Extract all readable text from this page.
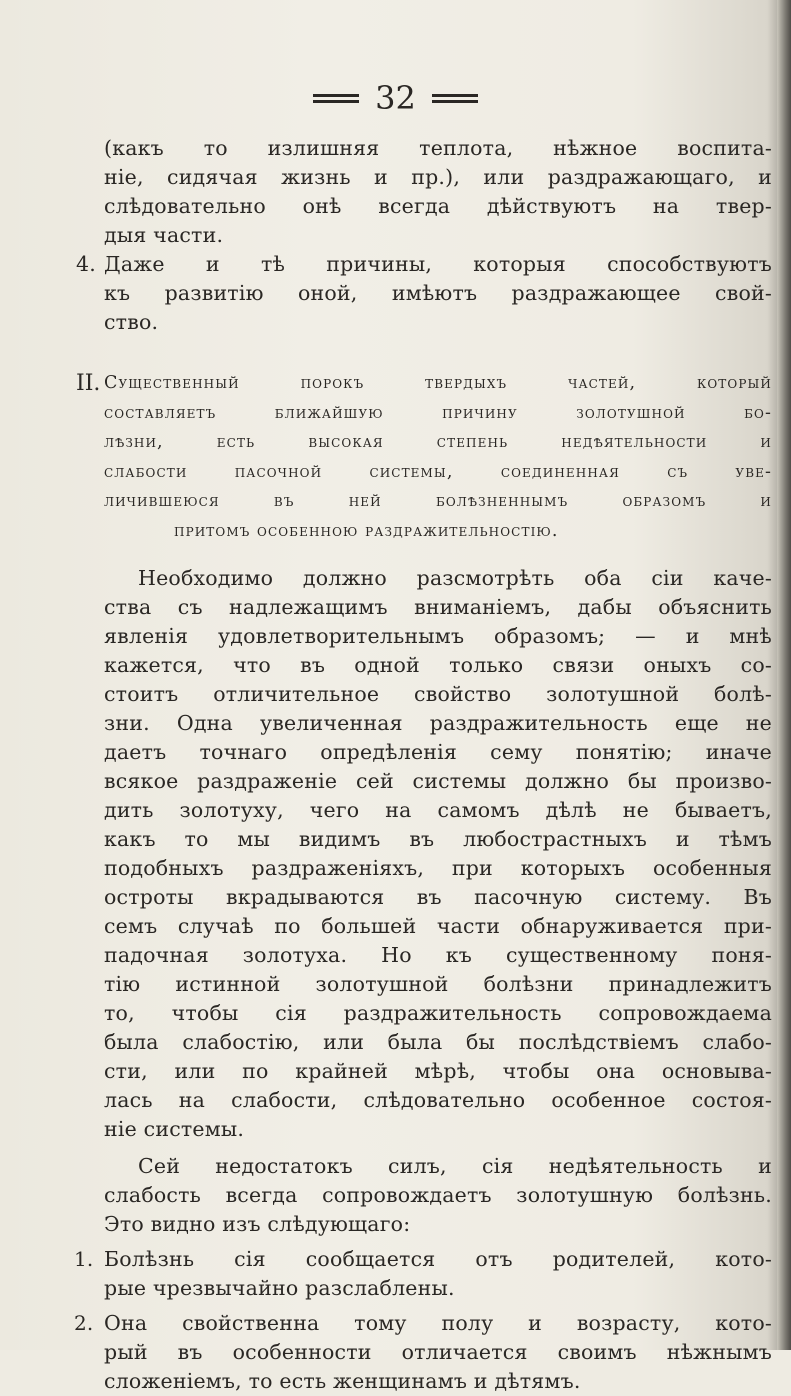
32
(какъ то излишняя теплота, нѣжное воспита-
ніе, сидячая жизнь и пр.), или раздражающаго, и
слѣдовательно онѣ всегда дѣйствуютъ на твер-
дыя части.
4. Даже и тѣ причины, которыя способствуютъ
къ развитію оной, имѣютъ раздражающее свой-
ство.
II. Существенный порокъ твердыхъ частей, который
составляетъ ближайшую причину золотушной бо-
лѣзни, есть высокая степень недѣятельности и
слабости пасочной системы, соединенная съ уве-
личившеюся въ ней болѣзненнымъ образомъ и
притомъ особенною раздражительностію.
Необходимо должно разсмотрѣть оба сіи каче-
ства съ надлежащимъ вниманіемъ, дабы объяснить
явленія удовлетворительнымъ образомъ; — и мнѣ
кажется, что въ одной только связи оныхъ со-
стоитъ отличительное свойство золотушной болѣ-
зни. Одна увеличенная раздражительность еще не
даетъ точнаго опредѣленія сему понятію; иначе
всякое раздраженіе сей системы должно бы произво-
дить золотуху, чего на самомъ дѣлѣ не бываетъ,
какъ то мы видимъ въ любострастныхъ и тѣмъ
подобныхъ раздраженіяхъ, при которыхъ особенныя
остроты вкрадываются въ пасочную систему. Въ
семъ случаѣ по большей части обнаруживается при-
падочная золотуха. Но къ существенному поня-
тію истинной золотушной болѣзни принадлежитъ
то, чтобы сія раздражительность сопровождаема
была слабостію, или была бы послѣдствіемъ слабо-
сти, или по крайней мѣрѣ, чтобы она основыва-
лась на слабости, слѣдовательно особенное состоя-
ніе системы.
Сей недостатокъ силъ, сія недѣятельность и
слабость всегда сопровождаетъ золотушную болѣзнь.
Это видно изъ слѣдующаго:
1. Болѣзнь сія сообщается отъ родителей, кото-
рые чрезвычайно разслаблены.
2. Она свойственна тому полу и возрасту, кото-
рый въ особенности отличается своимъ нѣжнымъ
сложеніемъ, то есть женщинамъ и дѣтямъ.
